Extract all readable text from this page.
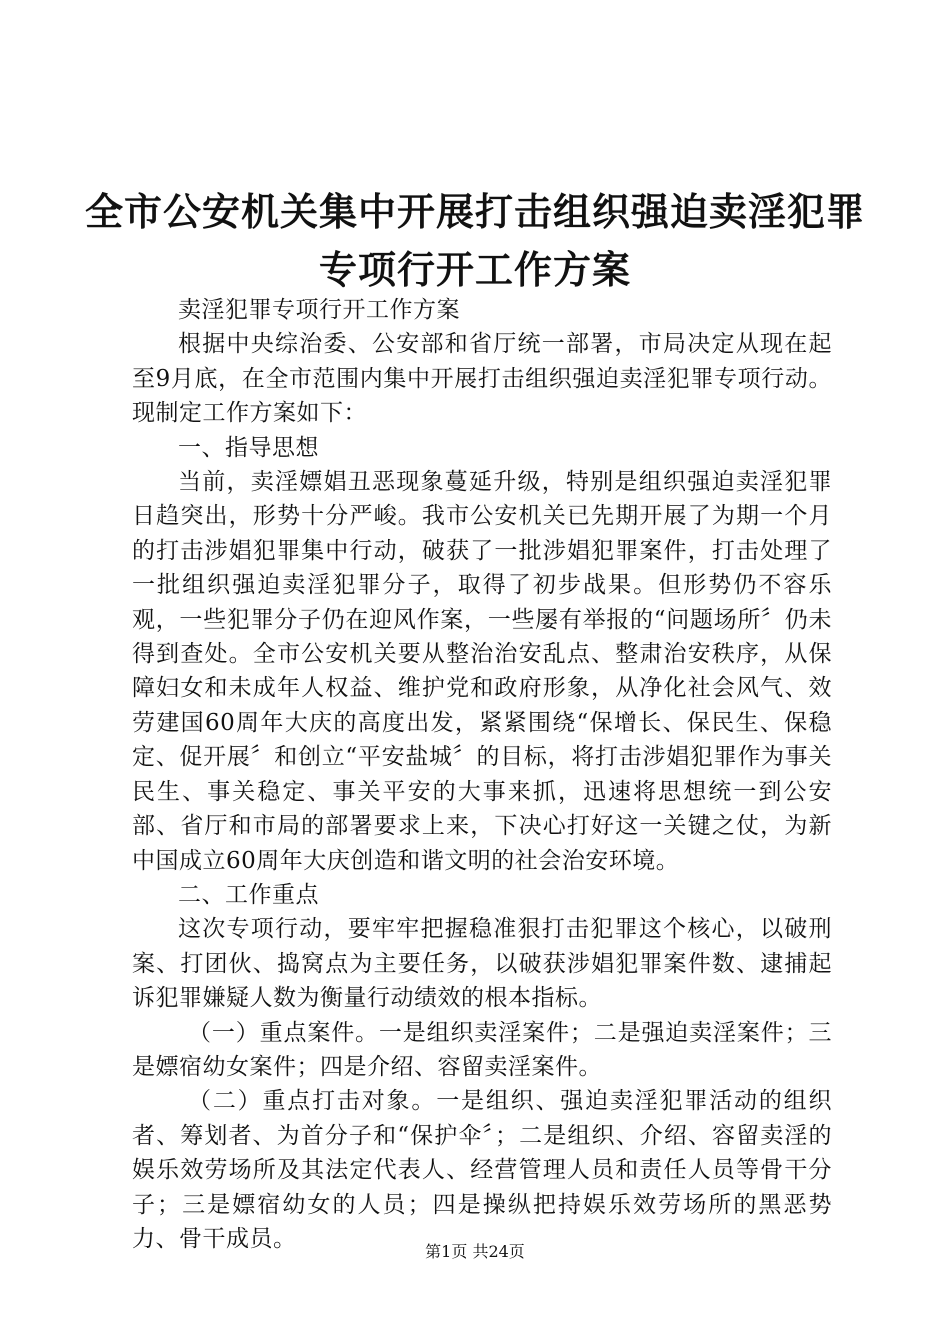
全市公安机关集中开展打击组织强迫卖淫犯罪
专项行开工作方案

卖淫犯罪专项行开工作方案

根据中央综治委、公安部和省厅统一部署，市局决定从现在起至9月底，在全市范围内集中开展打击组织强迫卖淫犯罪专项行动。现制定工作方案如下：

一、指导思想

当前，卖淫嫖娼丑恶现象蔓延升级，特别是组织强迫卖淫犯罪日趋突出，形势十分严峻。我市公安机关已先期开展了为期一个月的打击涉娼犯罪集中行动，破获了一批涉娼犯罪案件，打击处理了一批组织强迫卖淫犯罪分子，取得了初步战果。但形势仍不容乐观，一些犯罪分子仍在迎风作案，一些屡有举报的“问题场所〞仍未得到查处。全市公安机关要从整治治安乱点、整肃治安秩序，从保障妇女和未成年人权益、维护党和政府形象，从净化社会风气、效劳建国60周年大庆的高度出发，紧紧围绕“保增长、保民生、保稳定、促开展〞和创立“平安盐城〞的目标，将打击涉娼犯罪作为事关民生、事关稳定、事关平安的大事来抓，迅速将思想统一到公安部、省厅和市局的部署要求上来，下决心打好这一关键之仗，为新中国成立60周年大庆创造和谐文明的社会治安环境。

二、工作重点

这次专项行动，要牢牢把握稳准狠打击犯罪这个核心，以破刑案、打团伙、捣窝点为主要任务，以破获涉娼犯罪案件数、逮捕起诉犯罪嫌疑人数为衡量行动绩效的根本指标。

（一）重点案件。一是组织卖淫案件；二是强迫卖淫案件；三是嫖宿幼女案件；四是介绍、容留卖淫案件。

（二）重点打击对象。一是组织、强迫卖淫犯罪活动的组织者、筹划者、为首分子和“保护伞〞；二是组织、介绍、容留卖淫的娱乐效劳场所及其法定代表人、经营管理人员和责任人员等骨干分子；三是嫖宿幼女的人员；四是操纵把持娱乐效劳场所的黑恶势力、骨干成员。	第1页 共24页
